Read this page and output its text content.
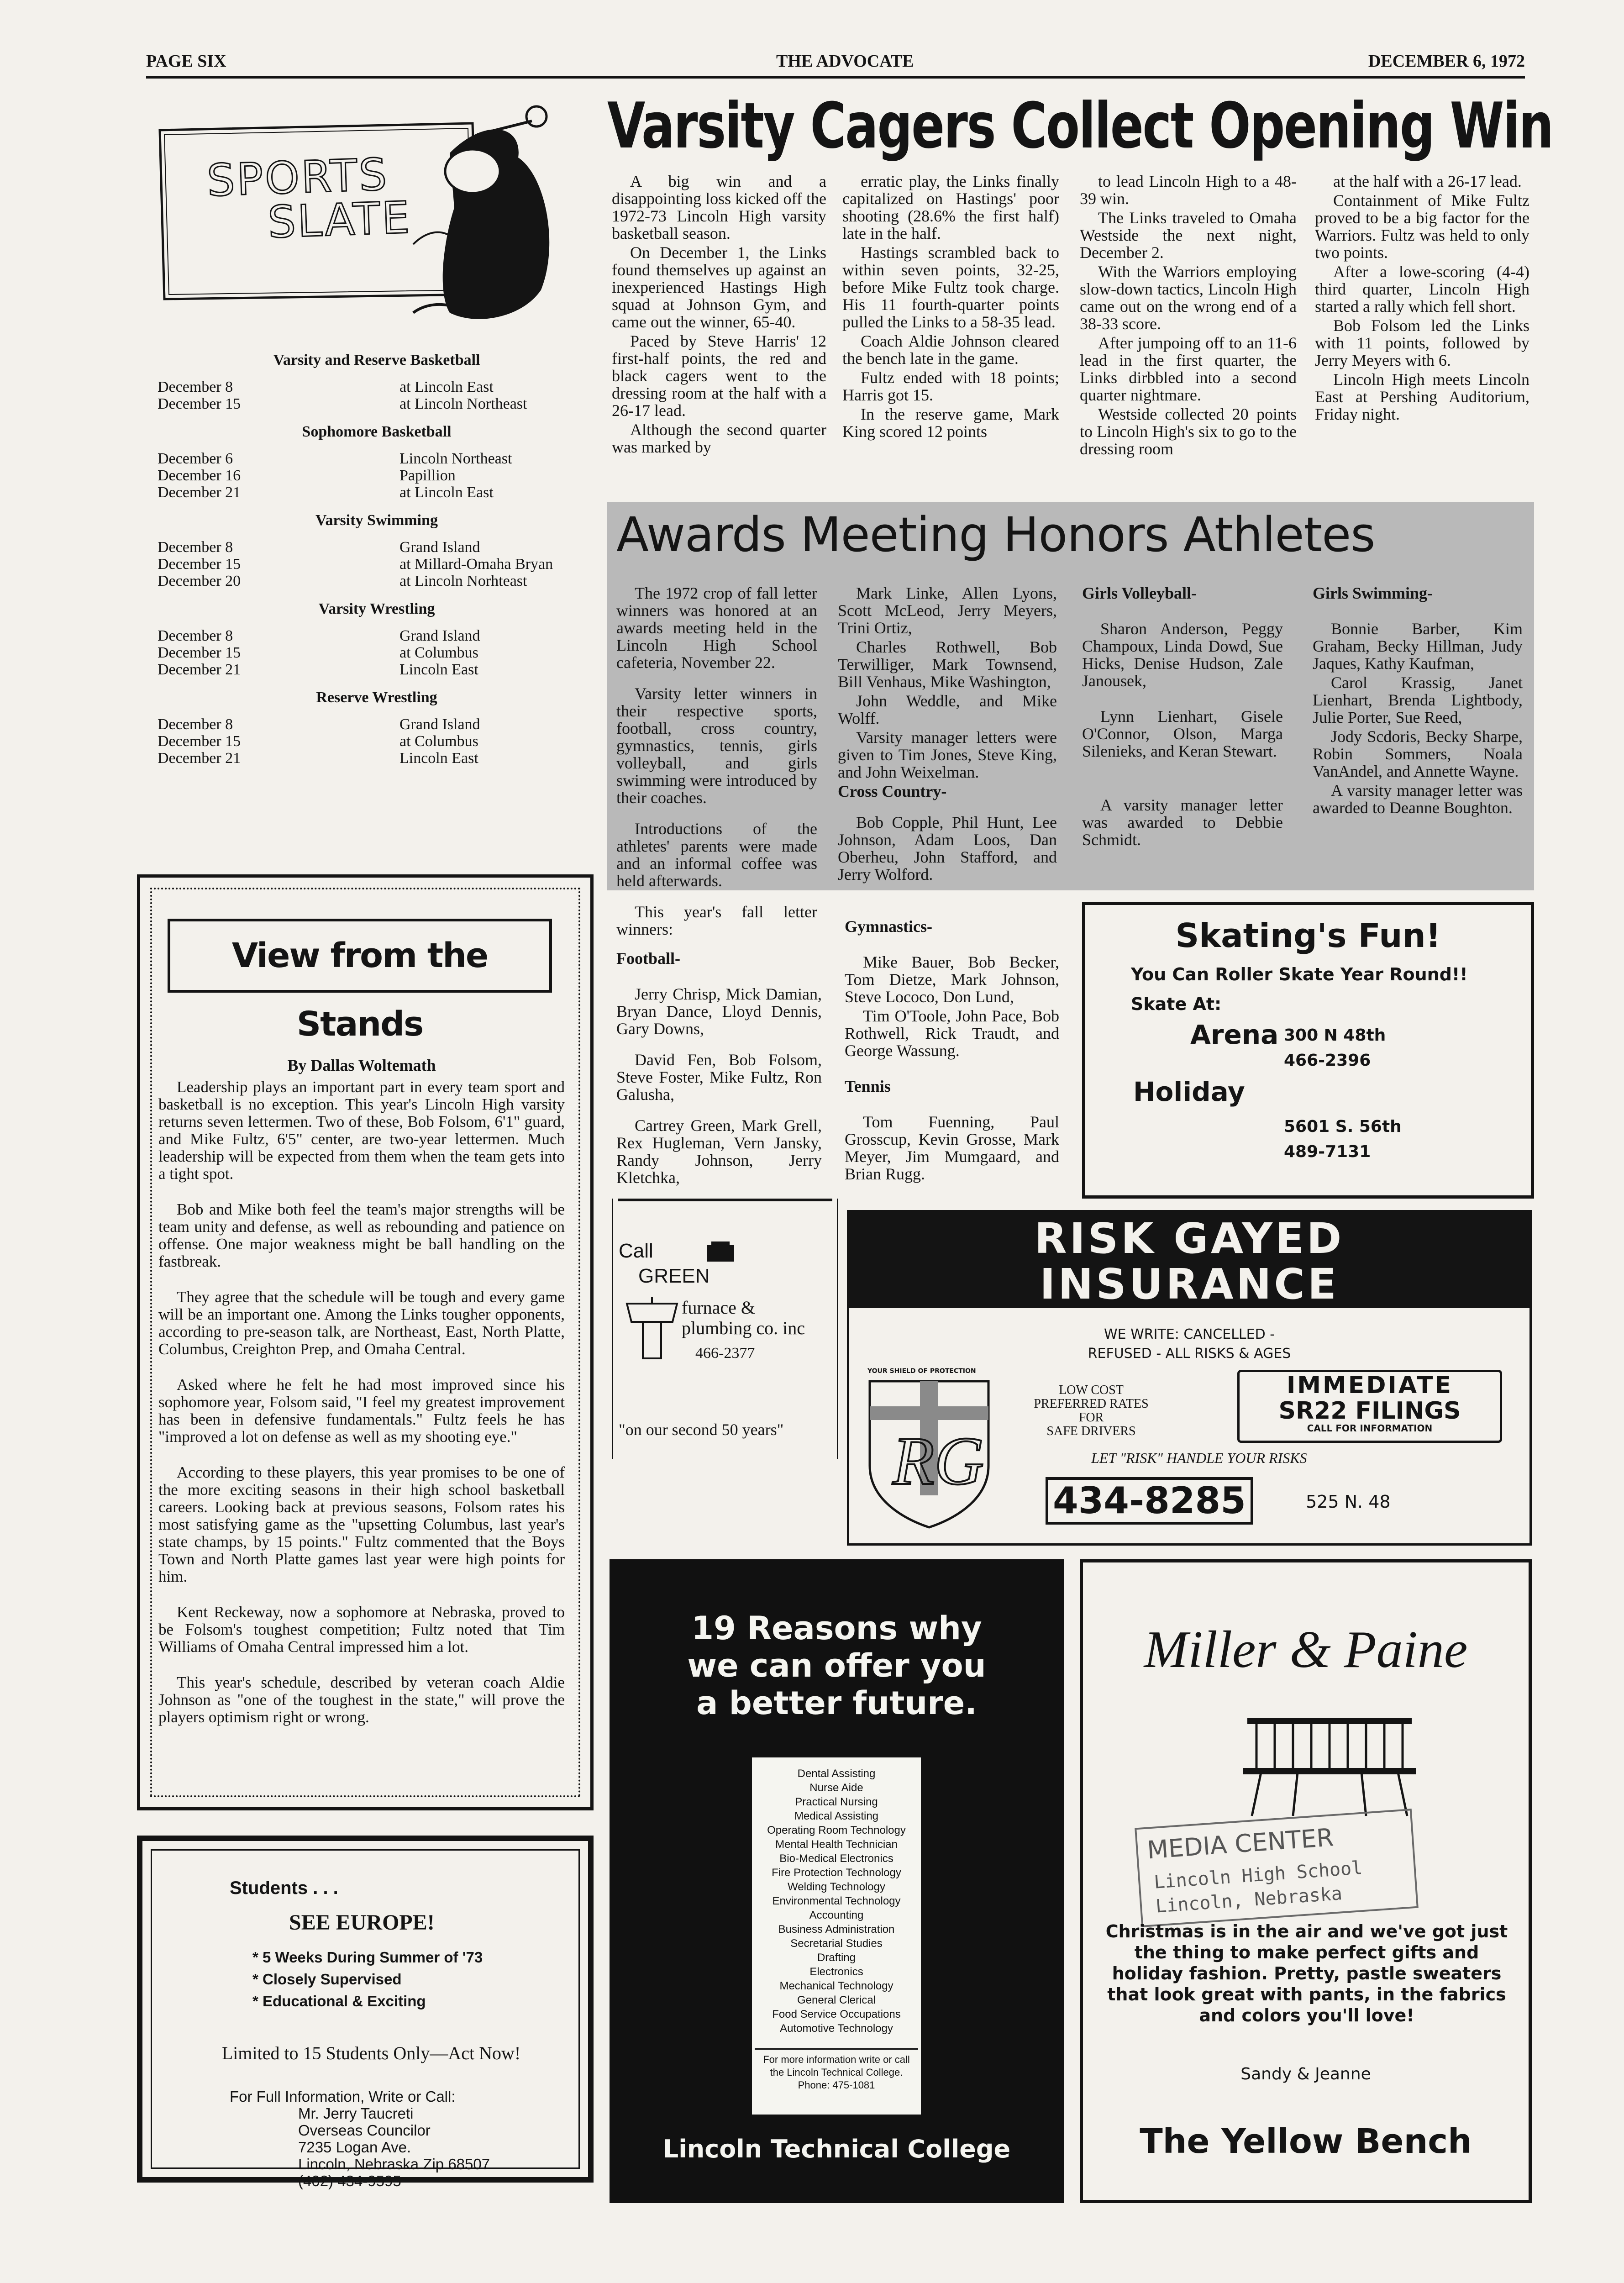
PAGE SIX	THE ADVOCATE	DECEMBER 6, 1972
Varsity Cagers Collect Opening Win

A big win and a disappointing loss kicked off the 1972-73 Lincoln High varsity basketball season.

On December 1, the Links found themselves up against an inexperienced Hastings High squad at Johnson Gym, and came out the winner, 65-40.

Paced by Steve Harris' 12 first-half points, the red and black cagers went to the dressing room at the half with a 26-17 lead.

Although the second quarter was marked by

erratic play, the Links finally capitalized on Hastings' poor shooting (28.6% the first half) late in the half.

Hastings scrambled back to within seven points, 32-25, before Mike Fultz took charge. His 11 fourth-quarter points pulled the Links to a 58-35 lead.

Coach Aldie Johnson cleared the bench late in the game.

Fultz ended with 18 points; Harris got 15.

In the reserve game, Mark King scored 12 points

to lead Lincoln High to a 48-39 win.

The Links traveled to Omaha Westside the next night, December 2.

With the Warriors employing slow-down tactics, Lincoln High came out on the wrong end of a 38-33 score.

After jumpoing off to an 11-6 lead in the first quarter, the Links dirbbled into a second quarter nightmare.

Westside collected 20 points to Lincoln High's six to go to the dressing room

at the half with a 26-17 lead.

Containment of Mike Fultz proved to be a big factor for the Warriors. Fultz was held to only two points.

After a lowe-scoring (4-4) third quarter, Lincoln High started a rally which fell short.

Bob Folsom led the Links with 11 points, followed by Jerry Meyers with 6.

Lincoln High meets Lincoln East at Pershing Auditorium, Friday night.

SPORTS
SLATE
Varsity and Reserve Basketball
December 8	at Lincoln East
December 15	at Lincoln Northeast
Sophomore Basketball
December 6	Lincoln Northeast
December 16	Papillion
December 21	at Lincoln East
Varsity Swimming
December 8	Grand Island
December 15	at Millard-Omaha Bryan
December 20	at Lincoln Norhteast
Varsity Wrestling
December 8	Grand Island
December 15	at Columbus
December 21	Lincoln East
Reserve Wrestling
December 8	Grand Island
December 15	at Columbus
December 21	Lincoln East
View from the Stands
By Dallas Woltemath

Leadership plays an important part in every team sport and basketball is no exception. This year's Lincoln High varsity returns seven lettermen. Two of these, Bob Folsom, 6'1" guard, and Mike Fultz, 6'5" center, are two-year lettermen. Much leadership will be expected from them when the team gets into a tight spot.

Bob and Mike both feel the team's major strengths will be team unity and defense, as well as rebounding and patience on offense. One major weakness might be ball handling on the fastbreak.

They agree that the schedule will be tough and every game will be an important one. Among the Links tougher opponents, according to pre-season talk, are Northeast, East, North Platte, Columbus, Creighton Prep, and Omaha Central.

Asked where he felt he had most improved since his sophomore year, Folsom said, "I feel my greatest improvement has been in defensive fundamentals." Fultz feels he has "improved a lot on defense as well as my shooting eye."

According to these players, this year promises to be one of the more exciting seasons in their high school basketball careers. Looking back at previous seasons, Folsom rates his most satisfying game as the "upsetting Columbus, last year's state champs, by 15 points." Fultz commented that the Boys Town and North Platte games last year were high points for him.

Kent Reckeway, now a sophomore at Nebraska, proved to be Folsom's toughest competition; Fultz noted that Tim Williams of Omaha Central impressed him a lot.

This year's schedule, described by veteran coach Aldie Johnson as "one of the toughest in the state," will prove the players optimism right or wrong.

Students . . .
SEE EUROPE!
* 5 Weeks During Summer of '73
* Closely Supervised
* Educational & Exciting
Limited to 15 Students Only—Act Now!
For Full Information, Write or Call:
Mr. Jerry Taucreti
Overseas Councilor
7235 Logan Ave.
Lincoln, Nebraska Zip 68507
(402) 434-9595
Awards Meeting Honors Athletes

The 1972 crop of fall letter winners was honored at an awards meeting held in the Lincoln High School cafeteria, November 22.

Varsity letter winners in their respective sports, football, cross country, gymnastics, tennis, girls volleyball, and girls swimming were introduced by their coaches.

Introductions of the athletes' parents were made and an informal coffee was held afterwards.

This year's fall letter winners:

Mark Linke, Allen Lyons, Scott McLeod, Jerry Meyers, Trini Ortiz,

Charles Rothwell, Bob Terwilliger, Mark Townsend, Bill Venhaus, Mike Washington,

John Weddle, and Mike Wolff.

Varsity manager letters were given to Tim Jones, Steve King, and John Weixelman.

Cross Country-

Bob Copple, Phil Hunt, Lee Johnson, Adam Loos, Dan Oberheu, John Stafford, and Jerry Wolford.

Girls Volleyball-

Sharon Anderson, Peggy Champoux, Linda Dowd, Sue Hicks, Denise Hudson, Zale Janousek,

Lynn Lienhart, Gisele O'Connor, Olson, Marga Silenieks, and Keran Stewart.

A varsity manager letter was awarded to Debbie Schmidt.

Girls Swimming-

Bonnie Barber, Kim Graham, Becky Hillman, Judy Jaques, Kathy Kaufman,

Carol Krassig, Janet Lienhart, Brenda Lightbody, Julie Porter, Sue Reed,

Jody Scdoris, Becky Sharpe, Robin Sommers, Noala VanAndel, and Annette Wayne.

A varsity manager letter was awarded to Deanne Boughton.

Football-

Jerry Chrisp, Mick Damian, Bryan Dance, Lloyd Dennis, Gary Downs,

David Fen, Bob Folsom, Steve Foster, Mike Fultz, Ron Galusha,

Cartrey Green, Mark Grell, Rex Hugleman, Vern Jansky, Randy Johnson, Jerry Kletchka,

Gymnastics-

Mike Bauer, Bob Becker, Tom Dietze, Mark Johnson, Steve Lococo, Don Lund,

Tim O'Toole, John Pace, Bob Rothwell, Rick Traudt, and George Wassung.

Tennis

Tom Fuenning, Paul Grosscup, Kevin Grosse, Mark Meyer, Jim Mumgaard, and Brian Rugg.

Skating's Fun!
You Can Roller Skate Year Round!!
Skate At:
Arena 300 N 48th
466-2396
Holiday
5601 S. 56th
489-7131
Call
GREEN
furnace &
plumbing co. inc
466-2377
"on our second 50 years"
RISK GAYED
INSURANCE
WE WRITE: CANCELLED -
REFUSED - ALL RISKS & AGES
YOUR SHIELD OF PROTECTION
RG
LOW COST
PREFERRED RATES
FOR
SAFE DRIVERS
IMMEDIATE
SR22 FILINGS
CALL FOR INFORMATION
LET "RISK" HANDLE YOUR RISKS
434-8285	525 N. 48
19 Reasons why
we can offer you
a better future.
Dental Assisting
Nurse Aide
Practical Nursing
Medical Assisting
Operating Room Technology
Mental Health Technician
Bio-Medical Electronics
Fire Protection Technology
Welding Technology
Environmental Technology
Accounting
Business Administration
Secretarial Studies
Drafting
Electronics
Mechanical Technology
General Clerical
Food Service Occupations
Automotive Technology
For more information write or call the Lincoln Technical College. Phone: 475-1081
Lincoln Technical College
Miller & Paine
MEDIA CENTER
Lincoln High School
Lincoln, Nebraska
Christmas is in the air and we've got just the thing to make perfect gifts and holiday fashion. Pretty, pastle sweaters that look great with pants, in the fabrics and colors you'll love!
Sandy & Jeanne
The Yellow Bench
